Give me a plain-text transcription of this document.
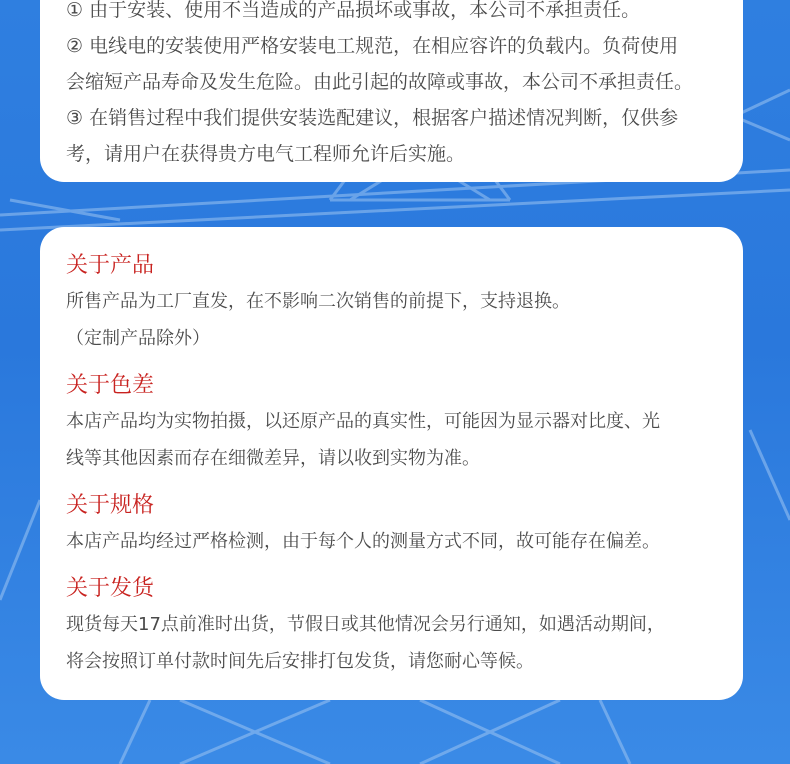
① 由于安装、使用不当造成的产品损坏或事故，本公司不承担责任。

② 电线电的安装使用严格安装电工规范，在相应容许的负载内。负荷使用

会缩短产品寿命及发生危险。由此引起的故障或事故，本公司不承担责任。

③ 在销售过程中我们提供安装选配建议，根据客户描述情况判断，仅供参

考，请用户在获得贵方电气工程师允许后实施。

关于产品

所售产品为工厂直发，在不影响二次销售的前提下，支持退换。

（定制产品除外）

关于色差

本店产品均为实物拍摄，以还原产品的真实性，可能因为显示器对比度、光

线等其他因素而存在细微差异，请以收到实物为准。

关于规格

本店产品均经过严格检测，由于每个人的测量方式不同，故可能存在偏差。

关于发货

现货每天17点前准时出货，节假日或其他情况会另行通知，如遇活动期间，

将会按照订单付款时间先后安排打包发货，请您耐心等候。
